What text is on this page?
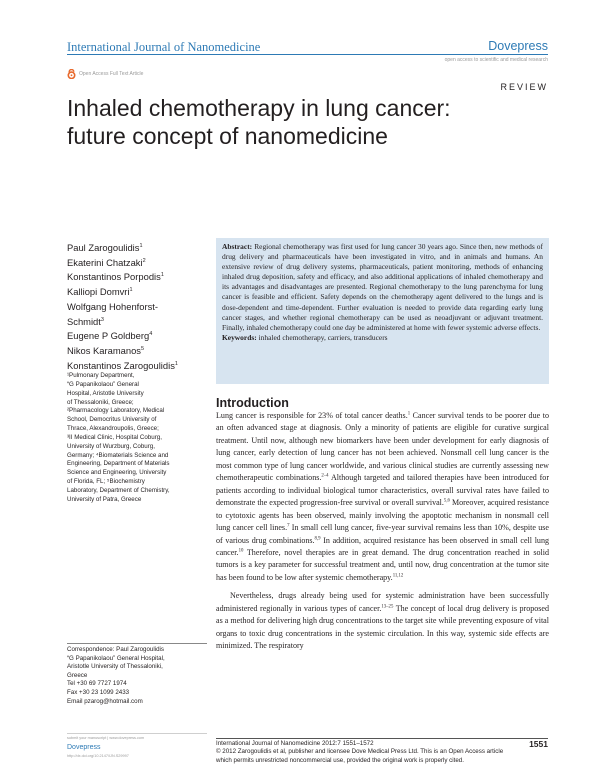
International Journal of Nanomedicine	Dovepress
open access to scientific and medical research
Open Access Full Text Article
REVIEW
Inhaled chemotherapy in lung cancer:
future concept of nanomedicine
Paul Zarogoulidis$^1$
Ekaterini Chatzaki$^2$
Konstantinos Porpodis$^1$
Kalliopi Domvri$^1$
Wolfgang Hohenforst-
Schmidt$^3$
Eugene P Goldberg$^4$
Nikos Karamanos$^5$
Konstantinos Zarogoulidis$^1$
¹Pulmonary Department,
“G Papanikolaou” General
Hospital, Aristotle University
of Thessaloniki, Greece;
²Pharmacology Laboratory, Medical
School, Democritus University of
Thrace, Alexandroupolis, Greece;
³II Medical Clinic, Hospital Coburg,
University of Wurzburg, Coburg,
Germany; ⁴Biomaterials Science and
Engineering, Department of Materials
Science and Engineering, University
of Florida, FL; ⁵Biochemistry
Laboratory, Department of Chemistry,
University of Patra, Greece
Correspondence: Paul Zarogoulidis
“G Papanikolaou” General Hospital,
Aristotle University of Thessaloniki,
Greece
Tel +30 69 7727 1974
Fax +30 23 1099 2433
Email pzarog@hotmail.com
submit your manuscript | www.dovepress.com
Dovepress
http://dx.doi.org/10.2147/IJN.S29997
Abstract: Regional chemotherapy was first used for lung cancer 30 years ago. Since then, new methods of drug delivery and pharmaceuticals have been investigated in vitro, and in animals and humans. An extensive review of drug delivery systems, pharmaceuticals, patient monitoring, methods of enhancing inhaled drug deposition, safety and efficacy, and also additional applications of inhaled chemotherapy and its advantages and disadvantages are presented. Regional chemotherapy to the lung parenchyma for lung cancer is feasible and efficient. Safety depends on the chemotherapy agent delivered to the lungs and is dose-dependent and time-dependent. Further evaluation is needed to provide data regarding early lung cancer stages, and whether regional chemotherapy can be used as neoadjuvant or adjuvant treatment. Finally, inhaled chemotherapy could one day be administered at home with fewer systemic adverse effects.
Keywords: inhaled chemotherapy, carriers, transducers
Introduction

Lung cancer is responsible for 23% of total cancer deaths.$^1$ Cancer survival tends to be poorer due to an often advanced stage at diagnosis. Only a minority of patients are eligible for curative surgical treatment. Until now, although new biomarkers have been under development for early diagnosis of lung cancer, early detection of lung cancer has not been achieved. Nonsmall cell lung cancer is the most common type of lung cancer worldwide, and various clinical studies are currently assessing new chemotherapeutic combinations.$^{2-4}$ Although targeted and tailored therapies have been introduced for patients according to individual biological tumor characteristics, overall survival rates have failed to demonstrate the expected progression-free survival or overall survival.$^{5,6}$ Moreover, acquired resistance to cytotoxic agents has been observed, mainly involving the apoptotic mechanism in nonsmall cell lung cancer cell lines.$^7$ In small cell lung cancer, five-year survival remains less than 10%, despite use of various drug combinations.$^{8,9}$ In addition, acquired resistance has been observed in small cell lung cancer.$^{10}$ Therefore, novel therapies are in great demand. The drug concentration reached in solid tumors is a key parameter for successful treatment and, until now, drug concentration at the tumor site has been found to be low after systemic chemotherapy.$^{11,12}$

Nevertheless, drugs already being used for systemic administration have been successfully administered regionally in various types of cancer.$^{13-25}$ The concept of local drug delivery is proposed as a method for delivering high drug concentrations to the target site while preventing exposure of vital organs to toxic drug concentrations in the systemic circulation. In this way, systemic side effects are minimized. The respiratory

International Journal of Nanomedicine 2012:7 1551–1572
© 2012 Zarogoulidis et al, publisher and licensee Dove Medical Press Ltd. This is an Open Access article
which permits unrestricted noncommercial use, provided the original work is properly cited.
1551
